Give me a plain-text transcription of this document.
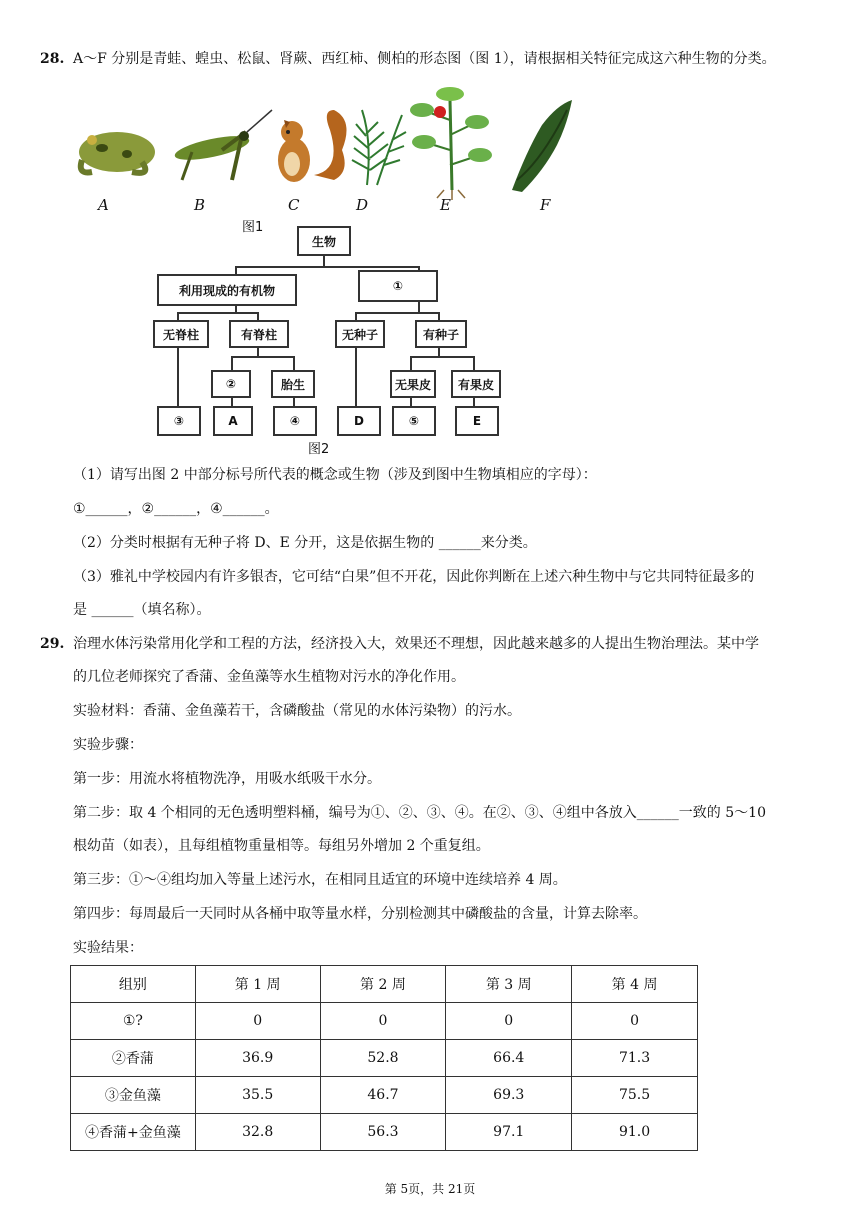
28. A～F 分别是青蛙、蝗虫、松鼠、肾蕨、西红柿、侧柏的形态图（图 1），请根据相关特征完成这六种生物的分类。
A	B	C	D	E	F
图1
生物
利用现成的有机物	①
无脊柱	有脊柱	无种子	有种子
②	胎生	无果皮	有果皮
③	A	④	D	⑤	E
图2
（1）请写出图 2 中部分标号所代表的概念或生物（涉及到图中生物填相应的字母）：
①______，②______，④______。
（2）分类时根据有无种子将 D、E 分开，这是依据生物的 ______来分类。
（3）雅礼中学校园内有许多银杏，它可结“白果”但不开花，因此你判断在上述六种生物中与它共同特征最多的
是 ______（填名称）。
29. 治理水体污染常用化学和工程的方法，经济投入大，效果还不理想，因此越来越多的人提出生物治理法。某中学
的几位老师探究了香蒲、金鱼藻等水生植物对污水的净化作用。
实验材料：香蒲、金鱼藻若干，含磷酸盐（常见的水体污染物）的污水。
实验步骤：
第一步：用流水将植物洗净，用吸水纸吸干水分。
第二步：取 4 个相同的无色透明塑料桶，编号为①、②、③、④。在②、③、④组中各放入______一致的 5～10
根幼苗（如表），且每组植物重量相等。每组另外增加 2 个重复组。
第三步：①～④组均加入等量上述污水，在相同且适宜的环境中连续培养 4 周。
第四步：每周最后一天同时从各桶中取等量水样，分别检测其中磷酸盐的含量，计算去除率。
实验结果：
组别	第 1 周	第 2 周	第 3 周	第 4 周
①?	0	0	0	0
②香蒲	36.9	52.8	66.4	71.3
③金鱼藻	35.5	46.7	69.3	75.5
④香蒲+金鱼藻	32.8	56.3	97.1	91.0
第 5页，共 21页
